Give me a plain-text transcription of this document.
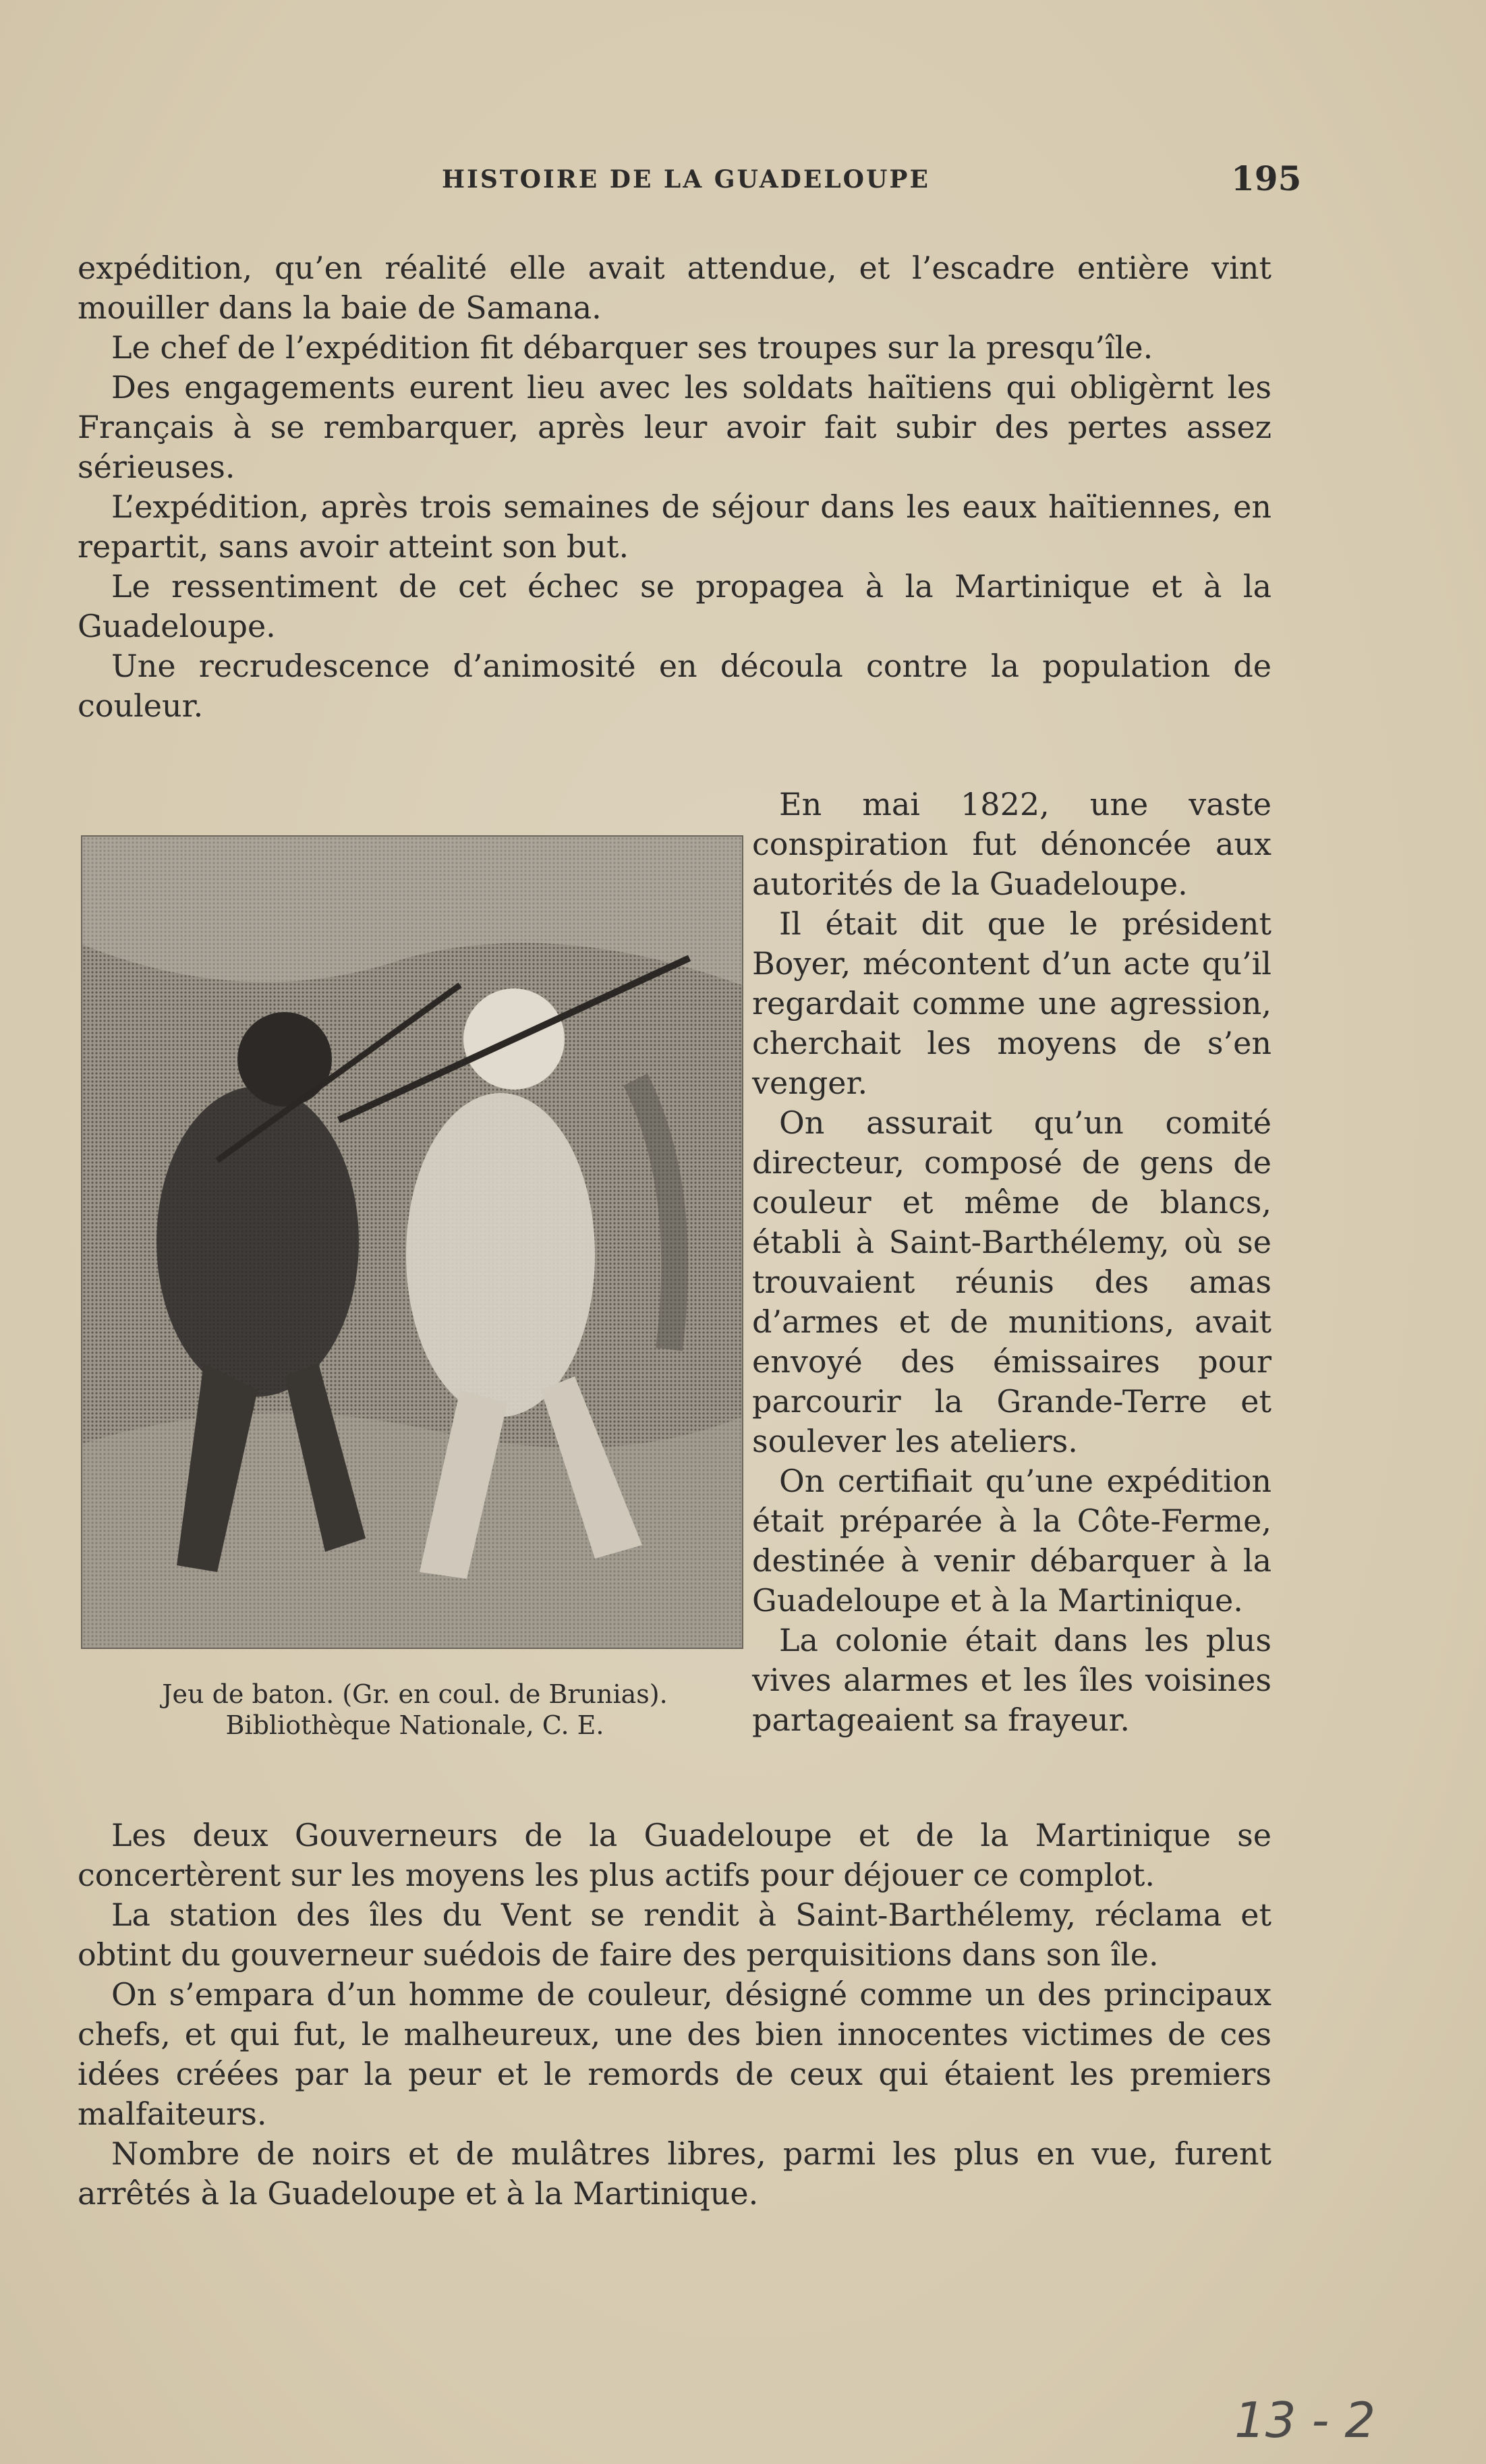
HISTOIRE DE LA GUADELOUPE	195

expédition, qu’en réalité elle avait attendue, et l’escadre entière vint mouiller dans la baie de Samana.

Le chef de l’expédition fit débarquer ses troupes sur la presqu’île.

Des engagements eurent lieu avec les soldats haïtiens qui obligèrnt les Français à se rembarquer, après leur avoir fait subir des pertes assez sérieuses.

L’expédition, après trois semaines de séjour dans les eaux haïtiennes, en repartit, sans avoir atteint son but.

Le ressentiment de cet échec se propagea à la Martinique et à la Guadeloupe.

Une recrudescence d’animosité en découla contre la population de couleur.

Jeu de baton. (Gr. en coul. de Brunias).
Bibliothèque Nationale, C. E.

En mai 1822, une vaste conspiration fut dénoncée aux autorités de la Guadeloupe.

Il était dit que le président Boyer, mécontent d’un acte qu’il regardait comme une agression, cherchait les moyens de s’en venger.

On assurait qu’un comité directeur, composé de gens de couleur et même de blancs, établi à Saint-Barthélemy, où se trouvaient réunis des amas d’armes et de munitions, avait envoyé des émissaires pour parcourir la Grande-Terre et soulever les ateliers.

On certifiait qu’une expédition était préparée à la Côte-Ferme, destinée à venir débarquer à la Guadeloupe et à la Martinique.

La colonie était dans les plus vives alarmes et les îles voisines partageaient sa frayeur.

Les deux Gouverneurs de la Guadeloupe et de la Martinique se concertèrent sur les moyens les plus actifs pour déjouer ce complot.

La station des îles du Vent se rendit à Saint-Barthélemy, réclama et obtint du gouverneur suédois de faire des perquisitions dans son île.

On s’empara d’un homme de couleur, désigné comme un des principaux chefs, et qui fut, le malheureux, une des bien innocentes victimes de ces idées créées par la peur et le remords de ceux qui étaient les premiers malfaiteurs.

Nombre de noirs et de mulâtres libres, parmi les plus en vue, furent arrêtés à la Guadeloupe et à la Martinique.

13 - 2
